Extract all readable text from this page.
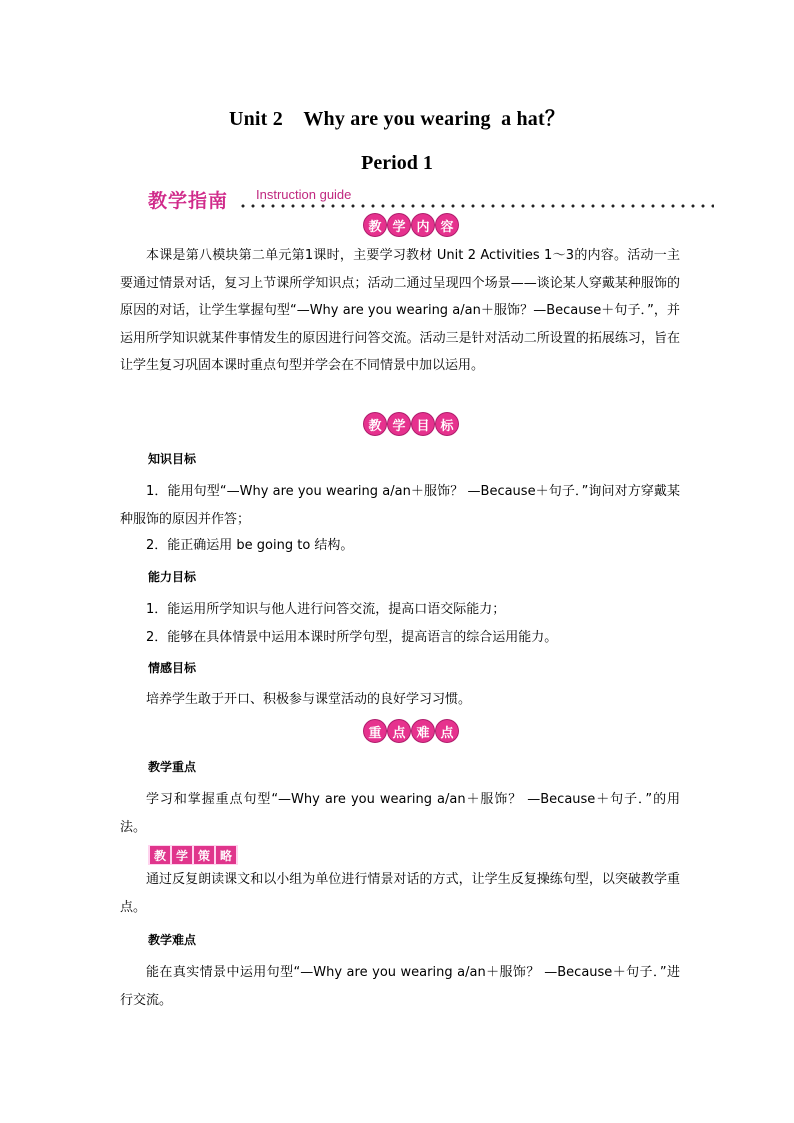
Unit 2    Why are you wearing  a hat？
Period 1
教学指南 Instruction guide
教 学 内 容
本课是第八模块第二单元第1课时，主要学习教材 Unit 2 Activities 1～3的内容。活动一主要通过情景对话，复习上节课所学知识点；活动二通过呈现四个场景——谈论某人穿戴某种服饰的原因的对话，让学生掌握句型“—Why are you wearing a/an＋服饰？—Because＋句子．”，并运用所学知识就某件事情发生的原因进行问答交流。活动三是针对活动二所设置的拓展练习，旨在让学生复习巩固本课时重点句型并学会在不同情景中加以运用。
教 学 目 标
知识目标
1．能用句型“—Why are you wearing a/an＋服饰？ —Because＋句子．”询问对方穿戴某种服饰的原因并作答；
2．能正确运用 be going to 结构。
能力目标
1．能运用所学知识与他人进行问答交流，提高口语交际能力；
2．能够在具体情景中运用本课时所学句型，提高语言的综合运用能力。
情感目标
培养学生敢于开口、积极参与课堂活动的良好学习习惯。
重 点 难 点
教学重点
学习和掌握重点句型“—Why are you wearing a/an＋服饰？ —Because＋句子．”的用法。
教 学 策 略
通过反复朗读课文和以小组为单位进行情景对话的方式，让学生反复操练句型，以突破教学重点。
教学难点
能在真实情景中运用句型“—Why are you wearing a/an＋服饰？ —Because＋句子．”进行交流。
